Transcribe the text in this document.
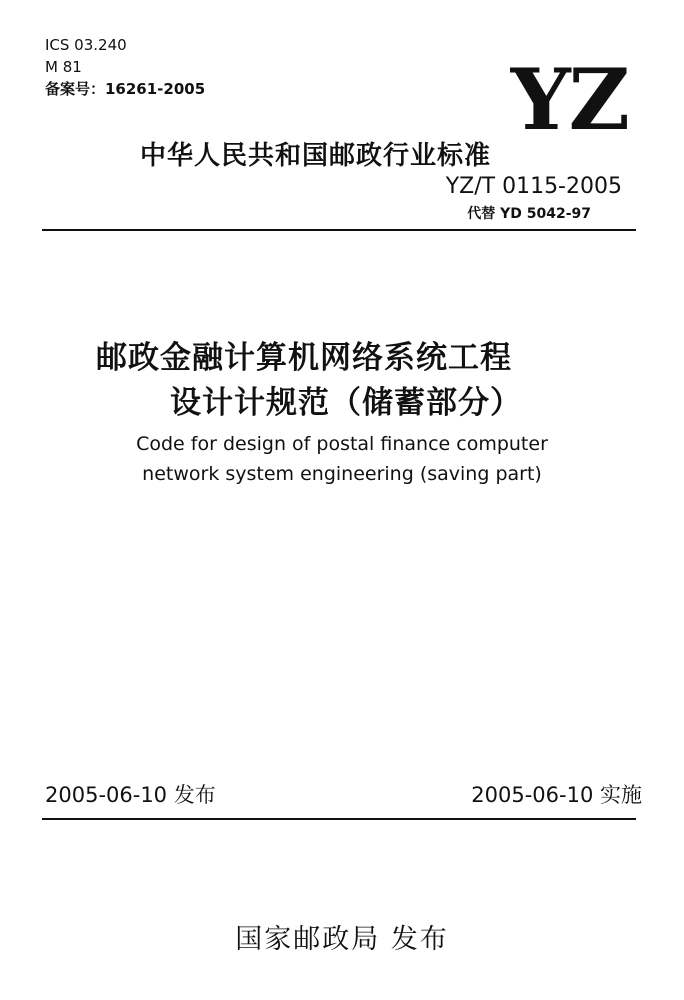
ICS 03.240
M 81
备案号：16261-2005	YZ
中华人民共和国邮政行业标准
YZ/T 0115-2005
代替 YD 5042-97
邮政金融计算机网络系统工程
设计计规范（储蓄部分）
Code for design of postal finance computer
network system engineering (saving part)
2005-06-10 发布	2005-06-10 实施
国家邮政局 发布
